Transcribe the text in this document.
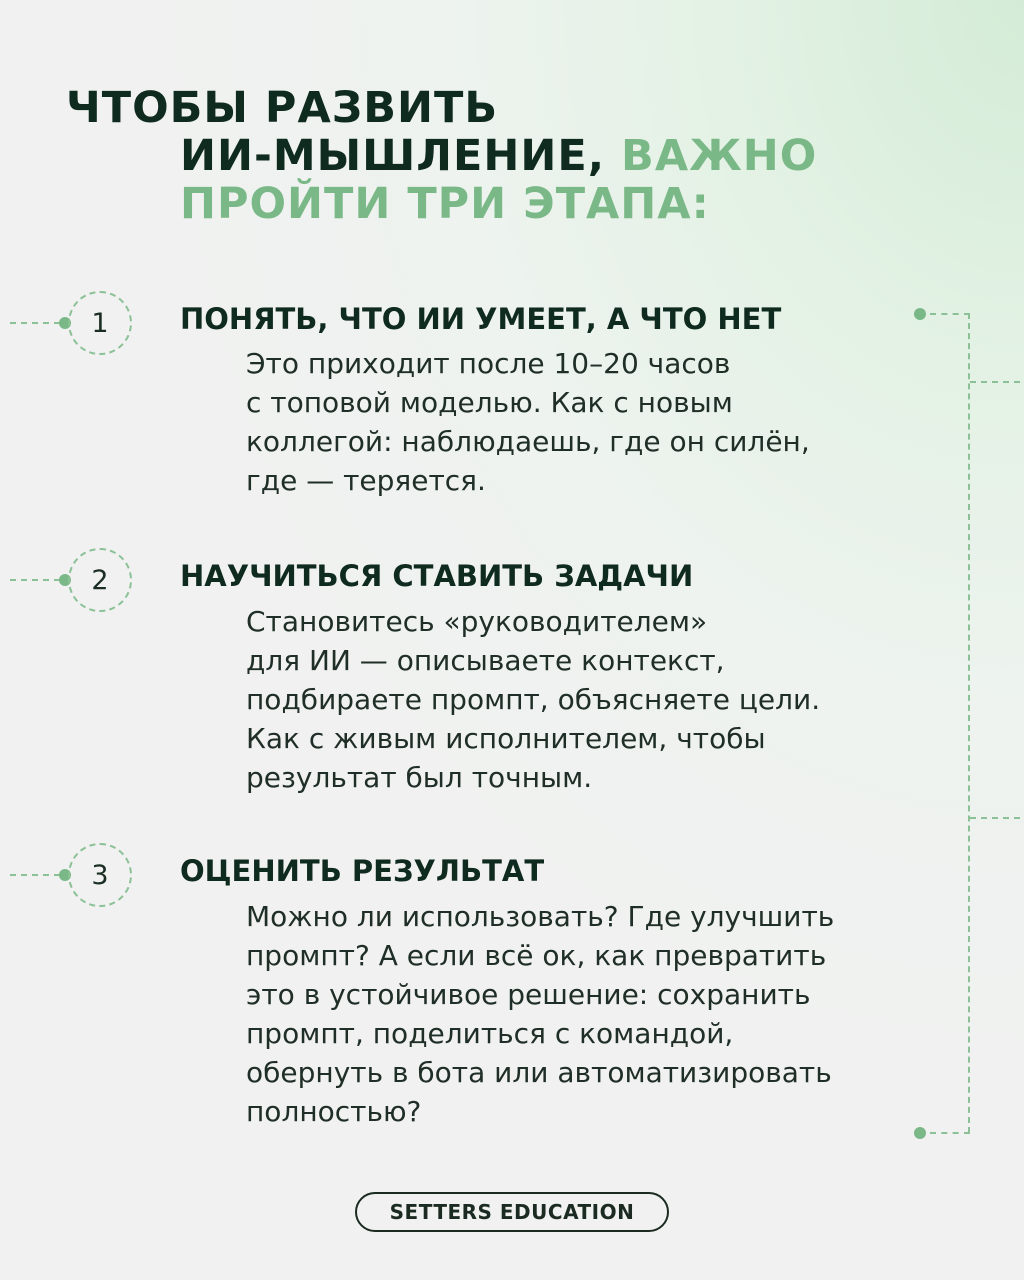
ЧТОБЫ РАЗВИТЬ
ИИ-МЫШЛЕНИЕ, ВАЖНО
ПРОЙТИ ТРИ ЭТАПА:
1	ПОНЯТЬ, ЧТО ИИ УМЕЕТ, А ЧТО НЕТ

Это приходит после 10–20 часов
с топовой моделью. Как с новым
коллегой: наблюдаешь, где он силён,
где — теряется.

2	НАУЧИТЬСЯ СТАВИТЬ ЗАДАЧИ

Становитесь «руководителем»
для ИИ — описываете контекст,
подбираете промпт, объясняете цели.
Как с живым исполнителем, чтобы
результат был точным.

3	ОЦЕНИТЬ РЕЗУЛЬТАТ

Можно ли использовать? Где улучшить
промпт? А если всё ок, как превратить
это в устойчивое решение: сохранить
промпт, поделиться с командой,
обернуть в бота или автоматизировать
полностью?

SETTERS EDUCATION
